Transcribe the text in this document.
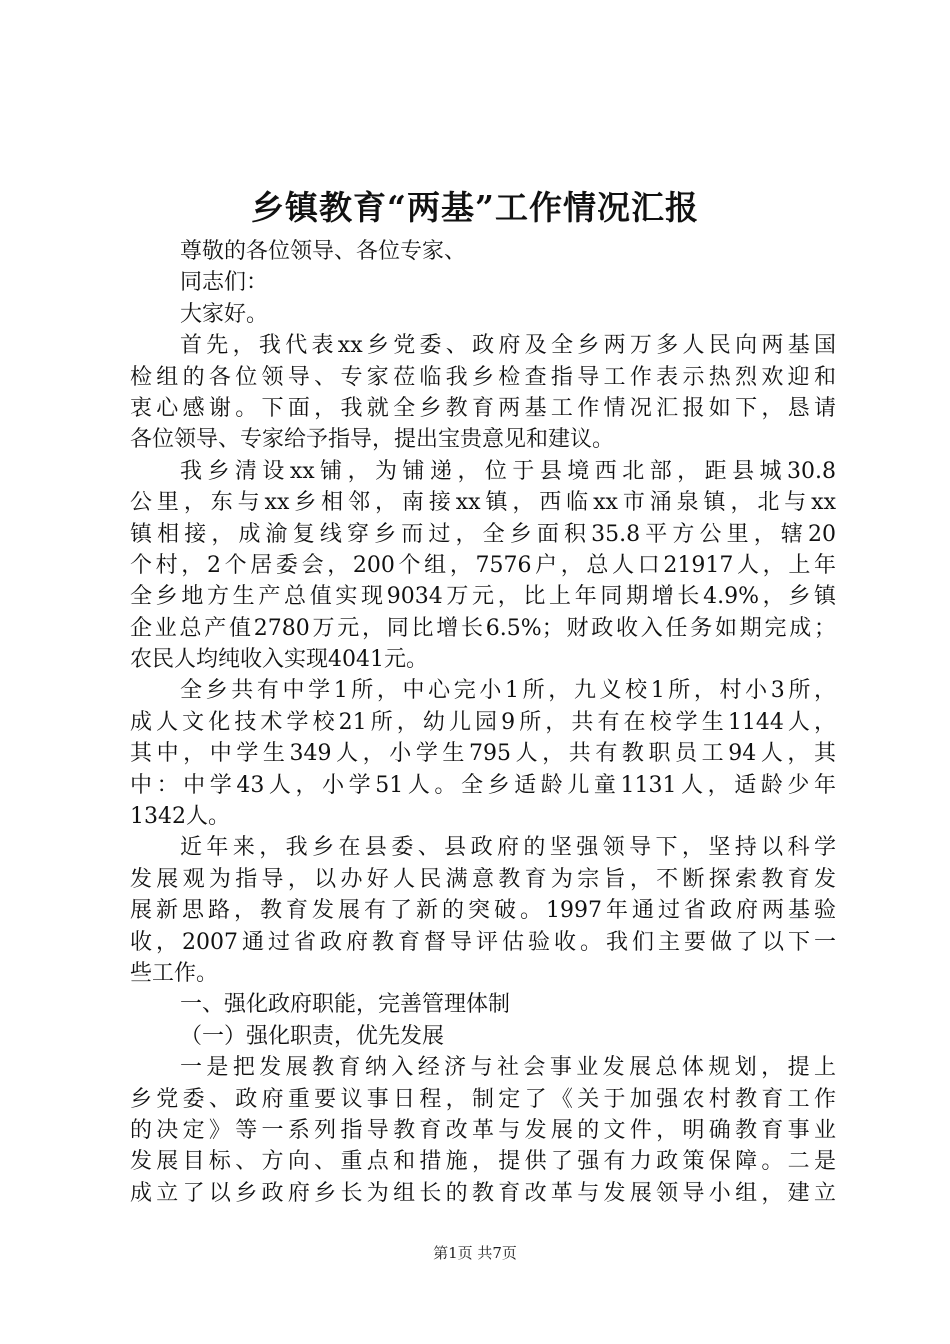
乡镇教育“两基”工作情况汇报
尊敬的各位领导、各位专家、
同志们：
大家好。
首先，我代表xx乡党委、政府及全乡两万多人民向两基国
检组的各位领导、专家莅临我乡检查指导工作表示热烈欢迎和
衷心感谢。下面，我就全乡教育两基工作情况汇报如下，恳请
各位领导、专家给予指导，提出宝贵意见和建议。
我乡清设xx铺，为铺递，位于县境西北部，距县城30.8
公里，东与xx乡相邻，南接xx镇，西临xx市涌泉镇，北与xx
镇相接，成渝复线穿乡而过，全乡面积35.8平方公里，辖20
个村，2个居委会，200个组，7576户，总人口21917人，上年
全乡地方生产总值实现9034万元，比上年同期增长4.9%，乡镇
企业总产值2780万元，同比增长6.5%；财政收入任务如期完成；
农民人均纯收入实现4041元。
全乡共有中学1所，中心完小1所，九义校1所，村小3所，
成人文化技术学校21所，幼儿园9所，共有在校学生1144人，
其中，中学生349人，小学生795人，共有教职员工94人，其
中：中学43人，小学51人。全乡适龄儿童1131人，适龄少年
1342人。
近年来，我乡在县委、县政府的坚强领导下，坚持以科学
发展观为指导，以办好人民满意教育为宗旨，不断探索教育发
展新思路，教育发展有了新的突破。1997年通过省政府两基验
收，2007通过省政府教育督导评估验收。我们主要做了以下一
些工作。
一、强化政府职能，完善管理体制
（一）强化职责，优先发展
一是把发展教育纳入经济与社会事业发展总体规划，提上
乡党委、政府重要议事日程，制定了《关于加强农村教育工作
的决定》等一系列指导教育改革与发展的文件，明确教育事业
发展目标、方向、重点和措施，提供了强有力政策保障。二是
成立了以乡政府乡长为组长的教育改革与发展领导小组，建立
第1页 共7页
